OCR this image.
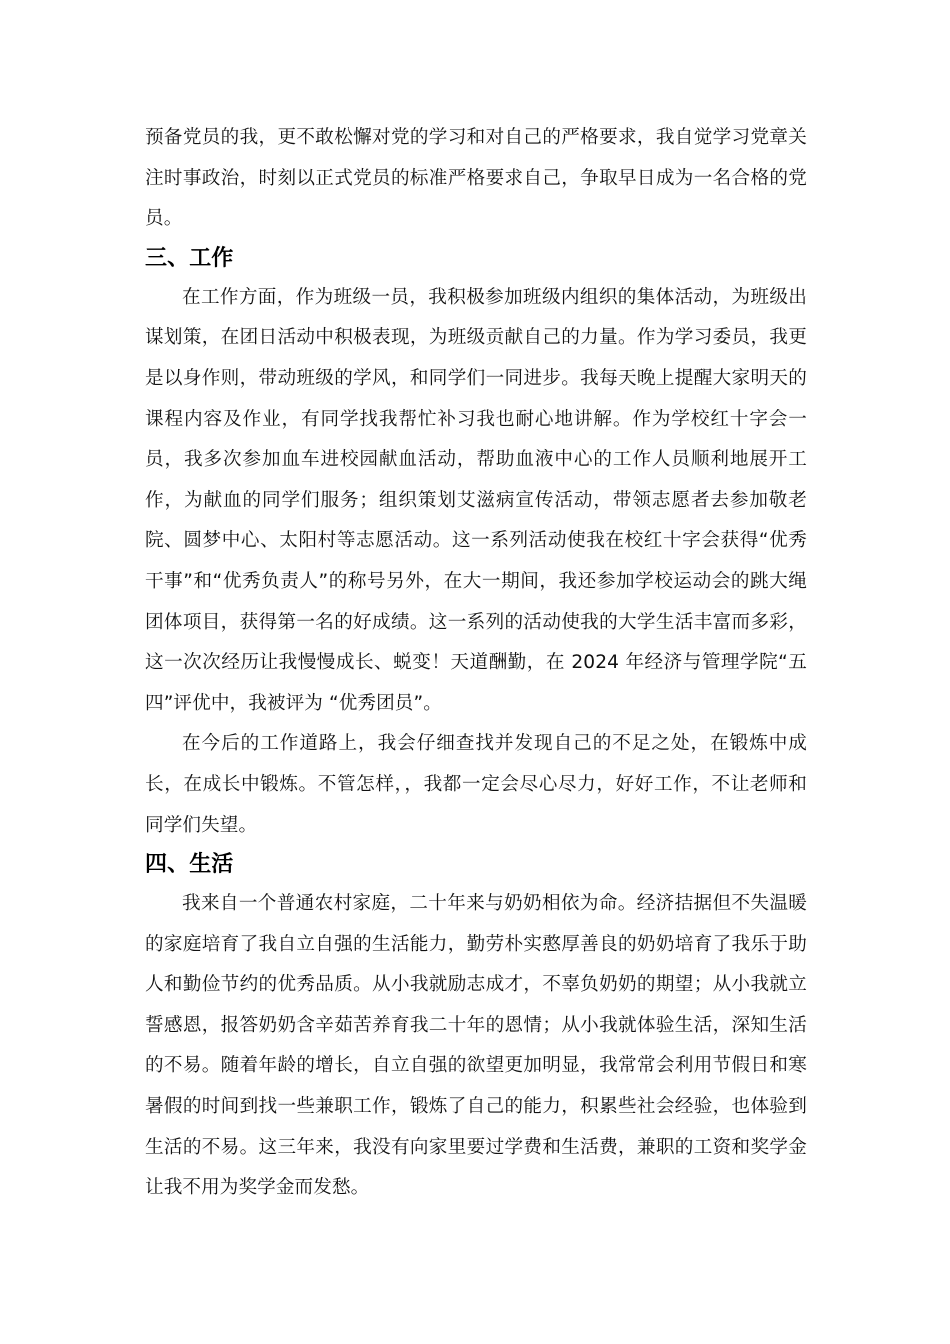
预备党员的我，更不敢松懈对党的学习和对自己的严格要求，我自觉学习党章关注时事政治，时刻以正式党员的标准严格要求自己，争取早日成为一名合格的党员。

三、工作

在工作方面，作为班级一员，我积极参加班级内组织的集体活动，为班级出谋划策，在团日活动中积极表现，为班级贡献自己的力量。作为学习委员，我更是以身作则，带动班级的学风，和同学们一同进步。我每天晚上提醒大家明天的课程内容及作业，有同学找我帮忙补习我也耐心地讲解。作为学校红十字会一员，我多次参加血车进校园献血活动，帮助血液中心的工作人员顺利地展开工作，为献血的同学们服务；组织策划艾滋病宣传活动，带领志愿者去参加敬老院、圆梦中心、太阳村等志愿活动。这一系列活动使我在校红十字会获得“优秀干事”和“优秀负责人”的称号另外，在大一期间，我还参加学校运动会的跳大绳团体项目，获得第一名的好成绩。这一系列的活动使我的大学生活丰富而多彩，这一次次经历让我慢慢成长、蜕变！天道酬勤，在 2024 年经济与管理学院“五四”评优中，我被评为 “优秀团员”。

在今后的工作道路上，我会仔细查找并发现自己的不足之处，在锻炼中成长，在成长中锻炼。不管怎样，，我都一定会尽心尽力，好好工作，不让老师和同学们失望。

四、生活

我来自一个普通农村家庭，二十年来与奶奶相依为命。经济拮据但不失温暖的家庭培育了我自立自强的生活能力，勤劳朴实憨厚善良的奶奶培育了我乐于助人和勤俭节约的优秀品质。从小我就励志成才，不辜负奶奶的期望；从小我就立誓感恩，报答奶奶含辛茹苦养育我二十年的恩情；从小我就体验生活，深知生活的不易。随着年龄的增长，自立自强的欲望更加明显，我常常会利用节假日和寒暑假的时间到找一些兼职工作，锻炼了自己的能力，积累些社会经验，也体验到生活的不易。这三年来，我没有向家里要过学费和生活费，兼职的工资和奖学金让我不用为奖学金而发愁。
